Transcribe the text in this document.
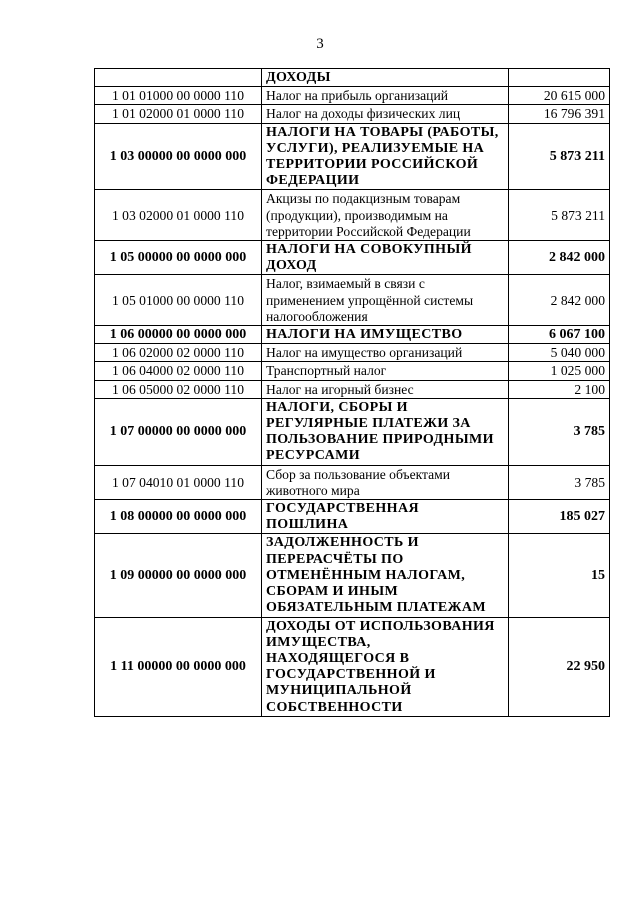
3
	ДОХОДЫ	
1 01 01000 00 0000 110	Налог на прибыль организаций	20 615 000
1 01 02000 01 0000 110	Налог на доходы физических лиц	16 796 391
1 03 00000 00 0000 000	НАЛОГИ НА ТОВАРЫ (РАБОТЫ, УСЛУГИ), РЕАЛИЗУЕМЫЕ НА ТЕРРИТОРИИ РОССИЙСКОЙ ФЕДЕРАЦИИ	5 873 211
1 03 02000 01 0000 110	Акцизы по подакцизным товарам (продукции), производимым на территории Российской Федерации	5 873 211
1 05 00000 00 0000 000	НАЛОГИ НА СОВОКУПНЫЙ ДОХОД	2 842 000
1 05 01000 00 0000 110	Налог, взимаемый в связи с применением упрощённой системы налогообложения	2 842 000
1 06 00000 00 0000 000	НАЛОГИ НА ИМУЩЕСТВО	6 067 100
1 06 02000 02 0000 110	Налог на имущество организаций	5 040 000
1 06 04000 02 0000 110	Транспортный налог	1 025 000
1 06 05000 02 0000 110	Налог на игорный бизнес	2 100
1 07 00000 00 0000 000	НАЛОГИ, СБОРЫ И РЕГУЛЯРНЫЕ ПЛАТЕЖИ ЗА ПОЛЬЗОВАНИЕ ПРИРОДНЫМИ РЕСУРСАМИ	3 785
1 07 04010 01 0000 110	Сбор за пользование объектами животного мира	3 785
1 08 00000 00 0000 000	ГОСУДАРСТВЕННАЯ ПОШЛИНА	185 027
1 09 00000 00 0000 000	ЗАДОЛЖЕННОСТЬ И ПЕРЕРАСЧЁТЫ ПО ОТМЕНЁННЫМ НАЛОГАМ, СБОРАМ И ИНЫМ ОБЯЗАТЕЛЬНЫМ ПЛАТЕЖАМ	15
1 11 00000 00 0000 000	ДОХОДЫ ОТ ИСПОЛЬЗОВАНИЯ ИМУЩЕСТВА, НАХОДЯЩЕГОСЯ В ГОСУДАРСТВЕННОЙ И МУНИЦИПАЛЬНОЙ СОБСТВЕННОСТИ	22 950
